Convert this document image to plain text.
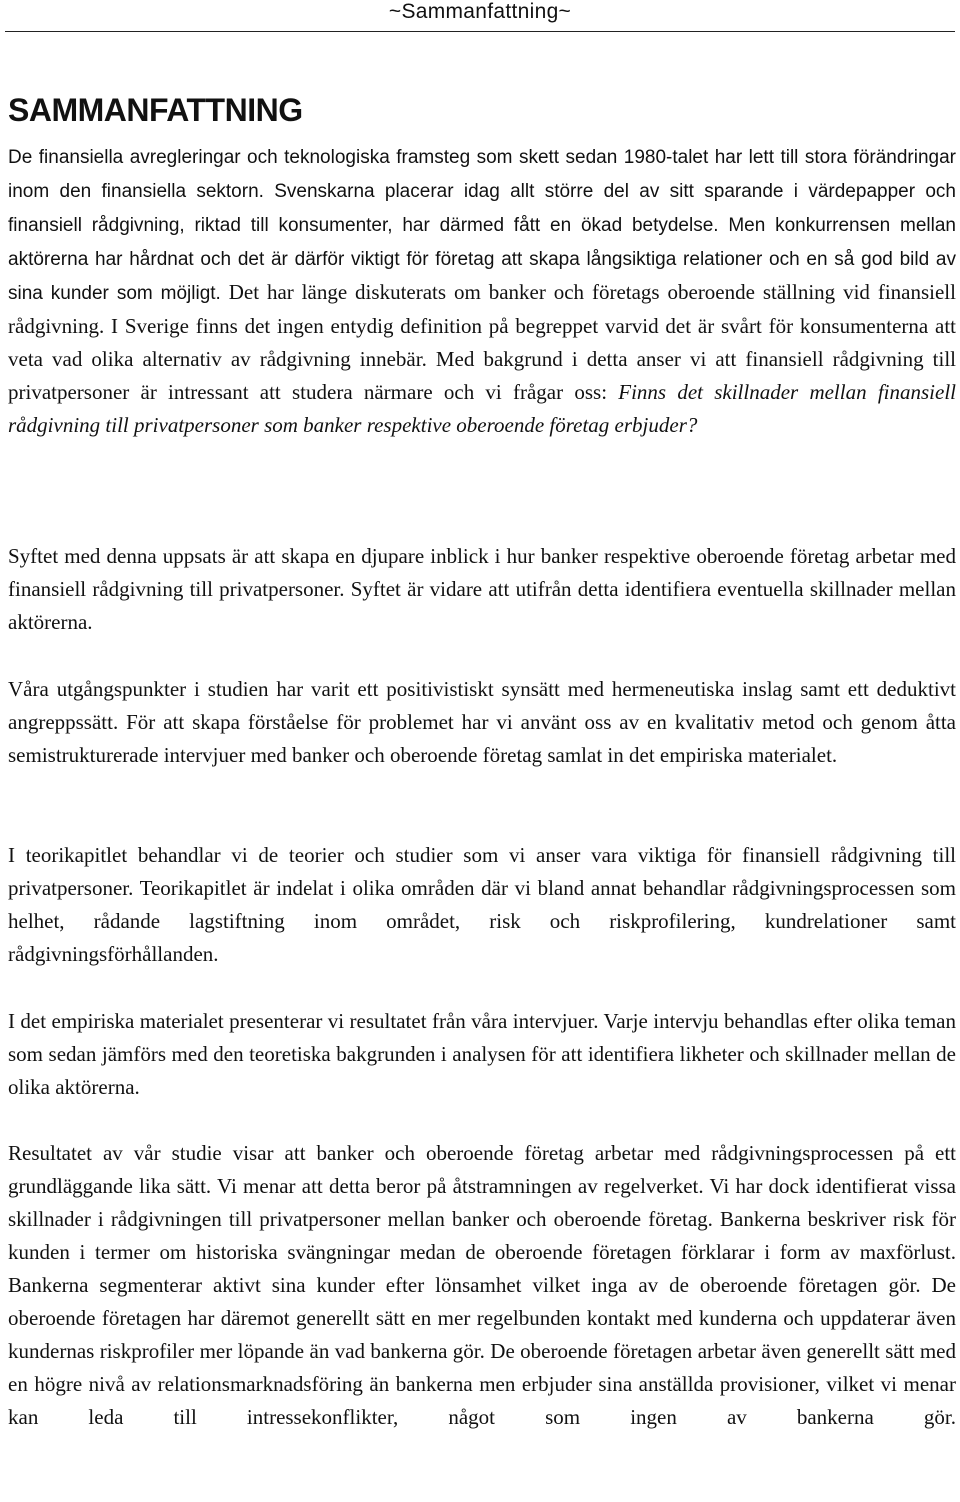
~Sammanfattning~
SAMMANFATTNING

De finansiella avregleringar och teknologiska framsteg som skett sedan 1980-talet har lett till stora förändringar inom den finansiella sektorn. Svenskarna placerar idag allt större del av sitt sparande i värdepapper och finansiell rådgivning, riktad till konsumenter, har därmed fått en ökad betydelse. Men konkurrensen mellan aktörerna har hårdnat och det är därför viktigt för företag att skapa långsiktiga relationer och en så god bild av sina kunder som möjligt. Det har länge diskuterats om banker och företags oberoende ställning vid finansiell rådgivning. I Sverige finns det ingen entydig definition på begreppet varvid det är svårt för konsumenterna att veta vad olika alternativ av rådgivning innebär. Med bakgrund i detta anser vi att finansiell rådgivning till privatpersoner är intressant att studera närmare och vi frågar oss: Finns det skillnader mellan finansiell rådgivning till privatpersoner som banker respektive oberoende företag erbjuder?

Syftet med denna uppsats är att skapa en djupare inblick i hur banker respektive oberoende företag arbetar med finansiell rådgivning till privatpersoner. Syftet är vidare att utifrån detta identifiera eventuella skillnader mellan aktörerna.

Våra utgångspunkter i studien har varit ett positivistiskt synsätt med hermeneutiska inslag samt ett deduktivt angreppssätt. För att skapa förståelse för problemet har vi använt oss av en kvalitativ metod och genom åtta semistrukturerade intervjuer med banker och oberoende företag samlat in det empiriska materialet.

I teorikapitlet behandlar vi de teorier och studier som vi anser vara viktiga för finansiell rådgivning till privatpersoner. Teorikapitlet är indelat i olika områden där vi bland annat behandlar rådgivningsprocessen som helhet, rådande lagstiftning inom området, risk och riskprofilering, kundrelationer samt rådgivningsförhållanden.

I det empiriska materialet presenterar vi resultatet från våra intervjuer. Varje intervju behandlas efter olika teman som sedan jämförs med den teoretiska bakgrunden i analysen för att identifiera likheter och skillnader mellan de olika aktörerna.

Resultatet av vår studie visar att banker och oberoende företag arbetar med rådgivningsprocessen på ett grundläggande lika sätt. Vi menar att detta beror på åtstramningen av regelverket. Vi har dock identifierat vissa skillnader i rådgivningen till privatpersoner mellan banker och oberoende företag. Bankerna beskriver risk för kunden i termer om historiska svängningar medan de oberoende företagen förklarar i form av maxförlust. Bankerna segmenterar aktivt sina kunder efter lönsamhet vilket inga av de oberoende företagen gör. De oberoende företagen har däremot generellt sätt en mer regelbunden kontakt med kunderna och uppdaterar även kundernas riskprofiler mer löpande än vad bankerna gör. De oberoende företagen arbetar även generellt sätt med en högre nivå av relationsmarknadsföring än bankerna men erbjuder sina anställda provisioner, vilket vi menar kan leda till intressekonflikter, något som ingen av bankerna gör.
